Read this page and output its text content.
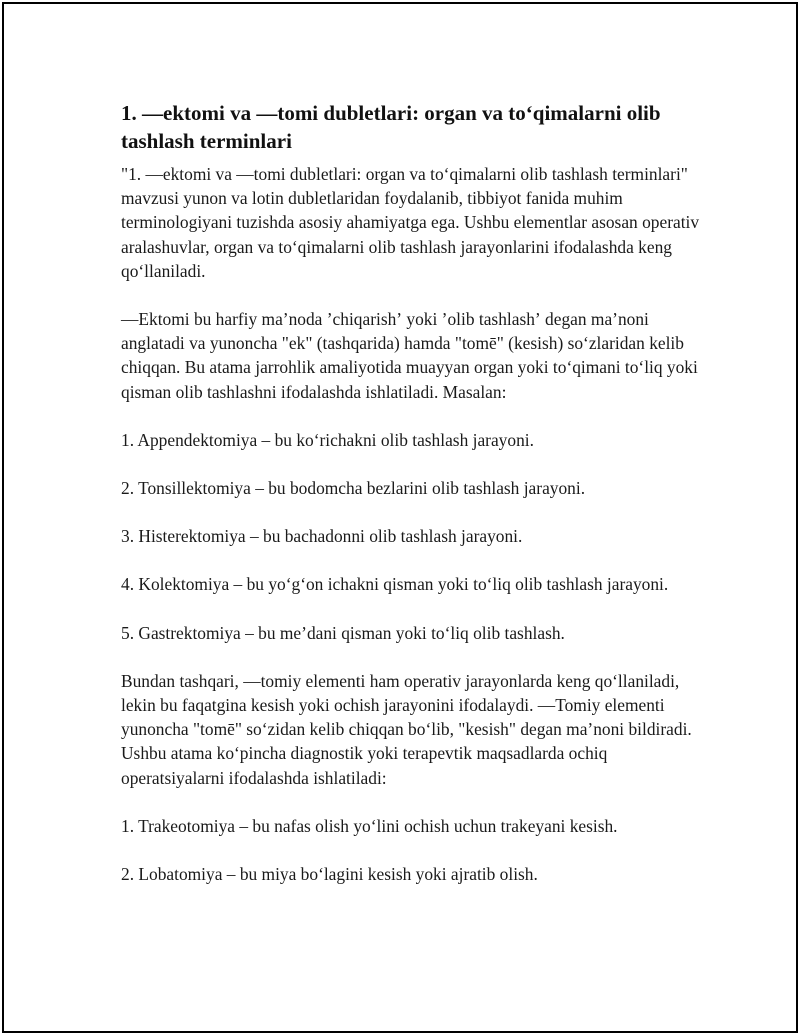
1. —ektomi va —tomi dubletlari: organ va toʻqimalarni olib tashlash terminlari

"1. —ektomi va —tomi dubletlari: organ va toʻqimalarni olib tashlash terminlari" mavzusi yunon va lotin dubletlaridan foydalanib, tibbiyot fanida muhim terminologiyani tuzishda asosiy ahamiyatga ega. Ushbu elementlar asosan operativ aralashuvlar, organ va toʻqimalarni olib tashlash jarayonlarini ifodalashda keng qoʻllaniladi.

—Ektomi bu harfiy maʼnoda ʼchiqarishʼ yoki ʼolib tashlashʼ degan maʼnoni anglatadi va yunoncha "ek" (tashqarida) hamda "tomē" (kesish) soʻzlaridan kelib chiqqan. Bu atama jarrohlik amaliyotida muayyan organ yoki toʻqimani toʻliq yoki qisman olib tashlashni ifodalashda ishlatiladi. Masalan:

1. Appendektomiya – bu koʻrichakni olib tashlash jarayoni.

2. Tonsillektomiya – bu bodomcha bezlarini olib tashlash jarayoni.

3. Histerektomiya – bu bachadonni olib tashlash jarayoni.

4. Kolektomiya – bu yoʻgʻon ichakni qisman yoki toʻliq olib tashlash jarayoni.

5. Gastrektomiya – bu meʼdani qisman yoki toʻliq olib tashlash.

Bundan tashqari, —tomiy elementi ham operativ jarayonlarda keng qoʻllaniladi, lekin bu faqatgina kesish yoki ochish jarayonini ifodalaydi. —Tomiy elementi yunoncha "tomē" soʻzidan kelib chiqqan boʻlib, "kesish" degan maʼnoni bildiradi. Ushbu atama koʻpincha diagnostik yoki terapevtik maqsadlarda ochiq operatsiyalarni ifodalashda ishlatiladi:

1. Trakeotomiya – bu nafas olish yoʻlini ochish uchun trakeyani kesish.

2. Lobatomiya – bu miya boʻlagini kesish yoki ajratib olish.
